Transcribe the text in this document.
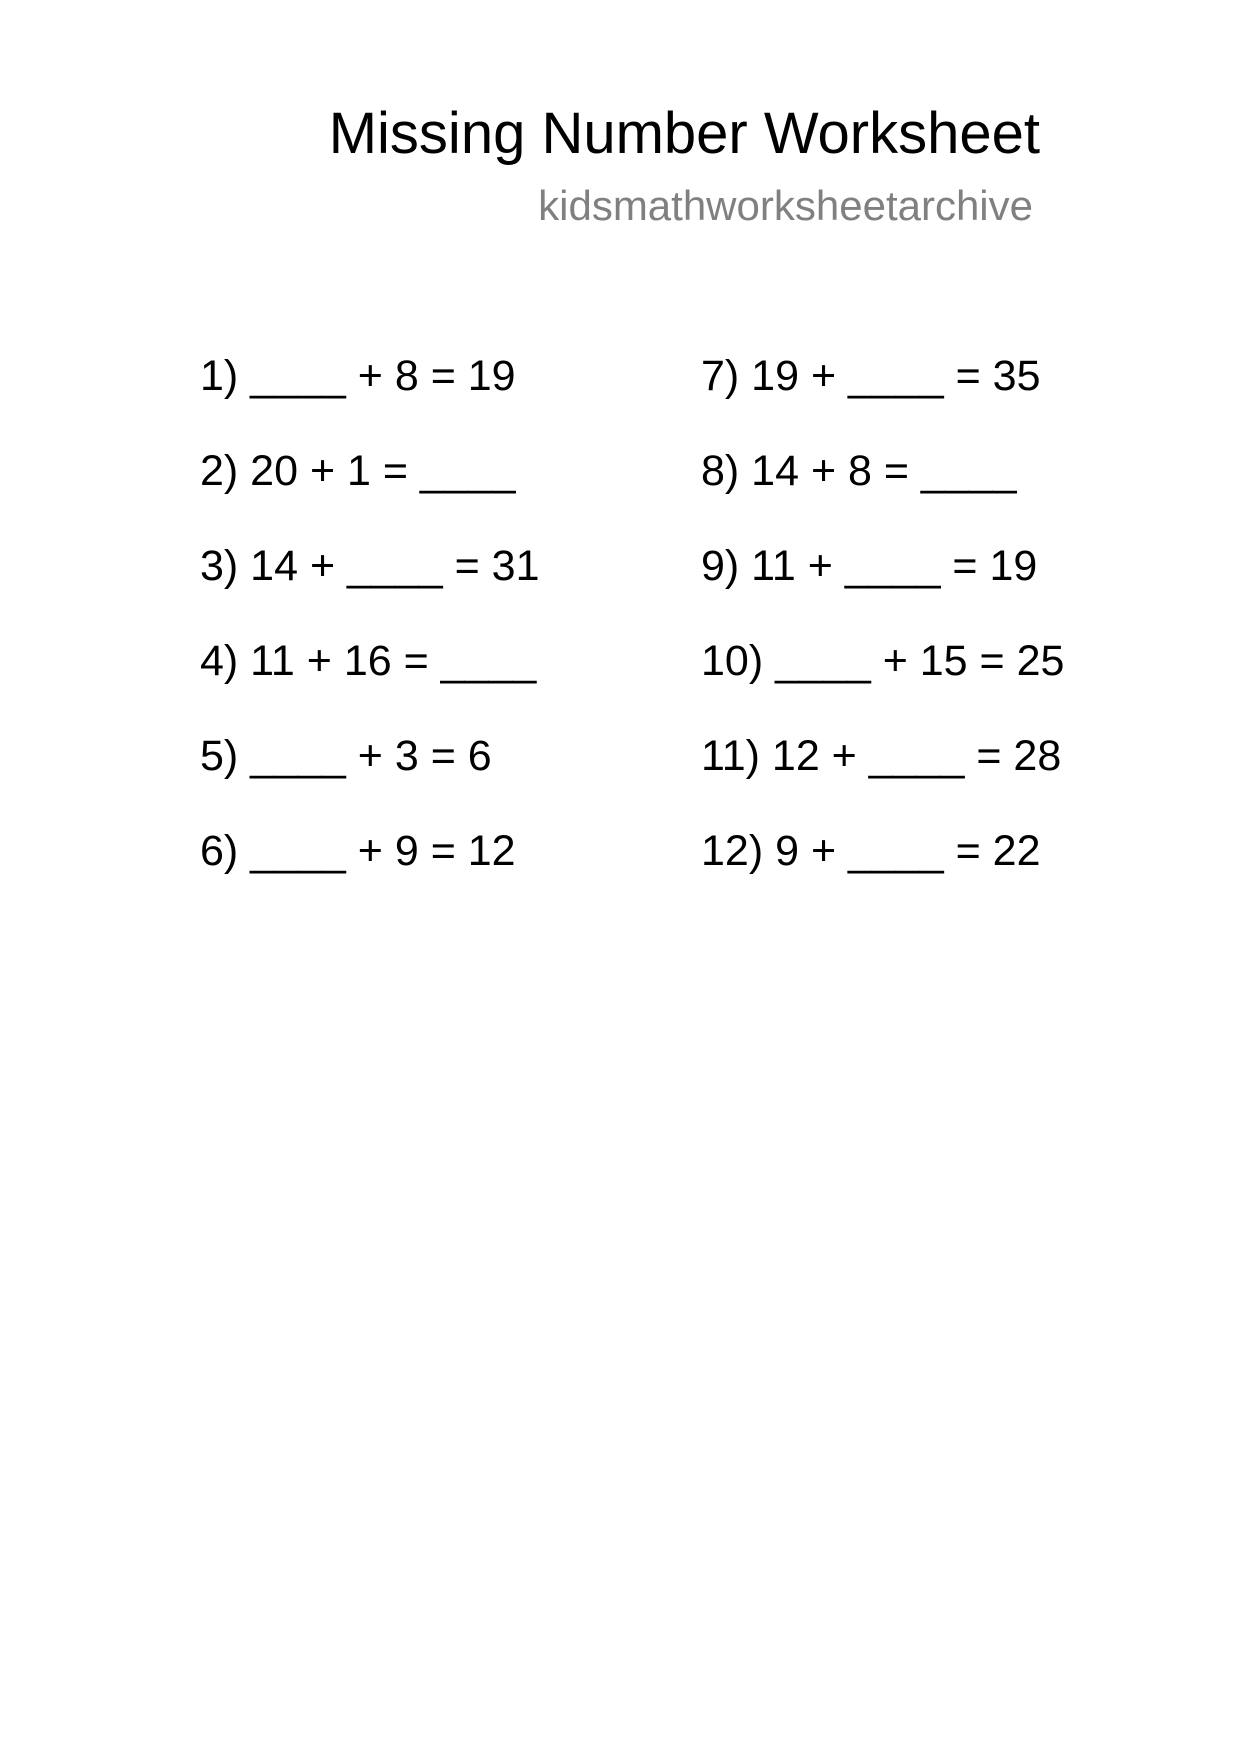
Missing Number Worksheet
kidsmathworksheetarchive
1) ____ + 8 = 19
2) 20 + 1 = ____
3) 14 + ____ = 31
4) 11 + 16 = ____
5) ____ + 3 = 6
6) ____ + 9 = 12
7) 19 + ____ = 35
8) 14 + 8 = ____
9) 11 + ____ = 19
10) ____ + 15 = 25
11) 12 + ____ = 28
12) 9 + ____ = 22
